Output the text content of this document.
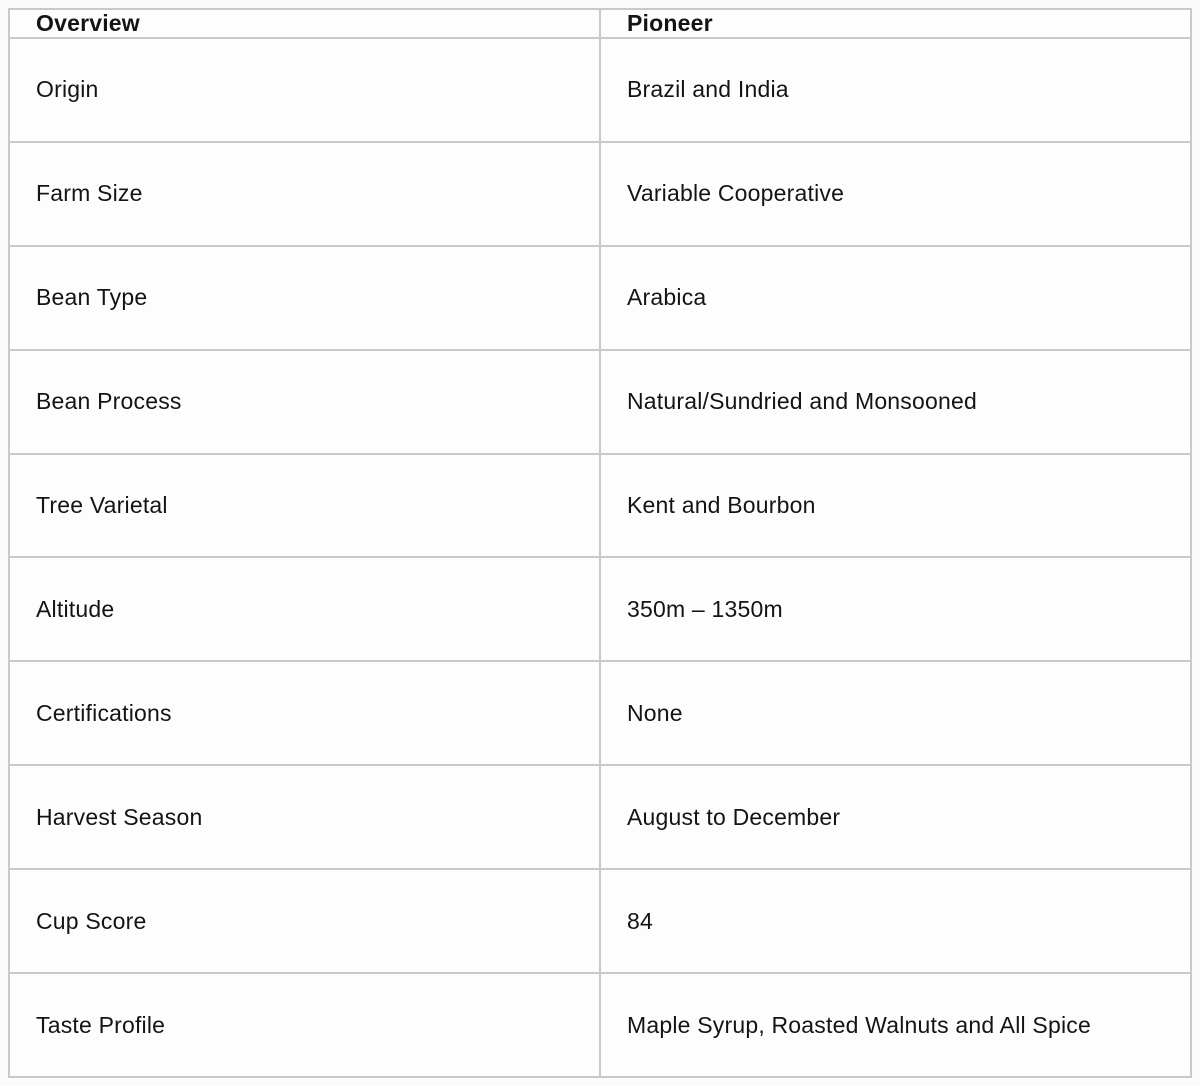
Overview	Pioneer
Origin	Brazil and India
Farm Size	Variable Cooperative
Bean Type	Arabica
Bean Process	Natural/Sundried and Monsooned
Tree Varietal	Kent and Bourbon
Altitude	350m – 1350m
Certifications	None
Harvest Season	August to December
Cup Score	84
Taste Profile	Maple Syrup, Roasted Walnuts and All Spice
